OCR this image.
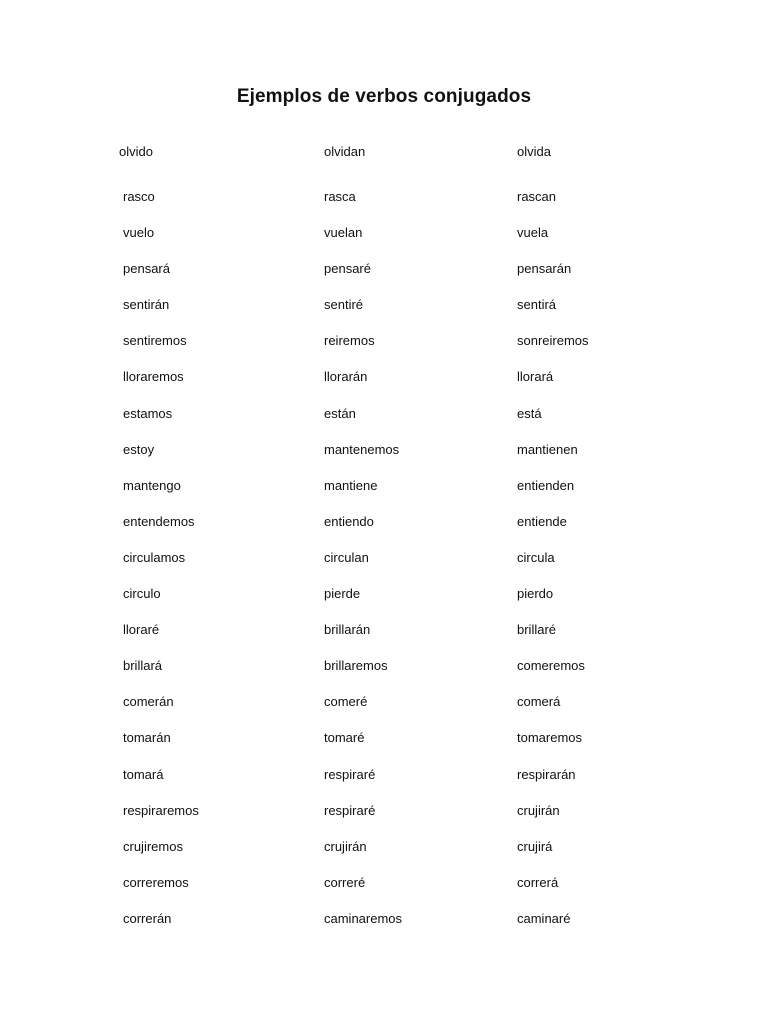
Ejemplos de verbos conjugados
olvido	olvidan	olvida
rasco	rasca	rascan
vuelo	vuelan	vuela
pensará	pensaré	pensarán
sentirán	sentiré	sentirá
sentiremos	reiremos	sonreiremos
lloraremos	llorarán	llorará
estamos	están	está
estoy	mantenemos	mantienen
mantengo	mantiene	entienden
entendemos	entiendo	entiende
circulamos	circulan	circula
circulo	pierde	pierdo
lloraré	brillarán	brillaré
brillará	brillaremos	comeremos
comerán	comeré	comerá
tomarán	tomaré	tomaremos
tomará	respiraré	respirarán
respiraremos	respiraré	crujirán
crujiremos	crujirán	crujirá
correremos	correré	correrá
correrán	caminaremos	caminaré
